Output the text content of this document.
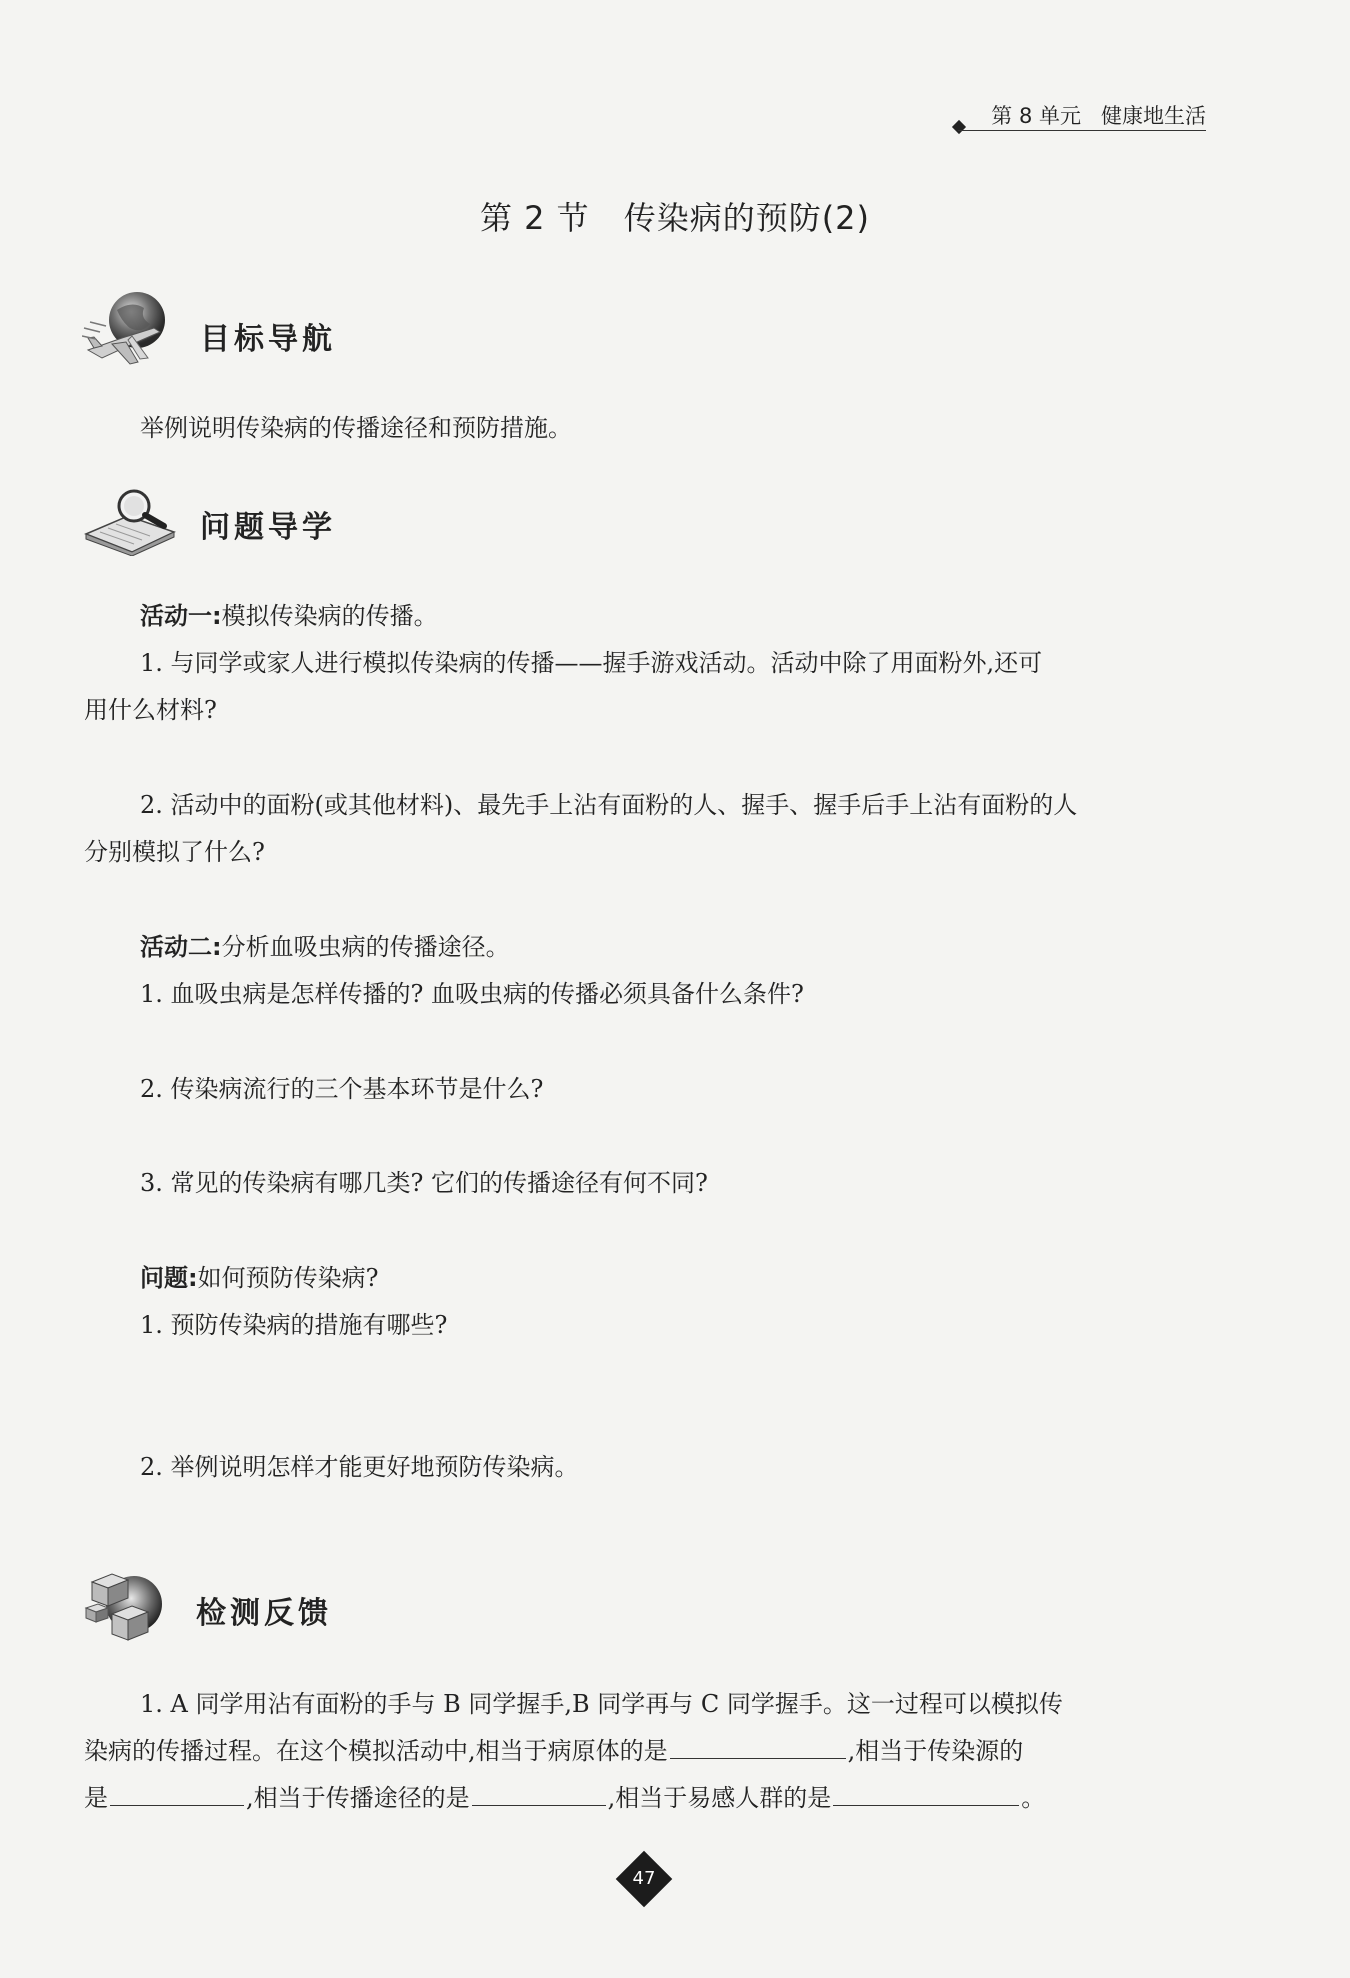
第 8 单元 健康地生活
第 2 节 传染病的预防(2)
目标导航
举例说明传染病的传播途径和预防措施。
问题导学
活动一:模拟传染病的传播。
1. 与同学或家人进行模拟传染病的传播——握手游戏活动。活动中除了用面粉外,还可
用什么材料?
2. 活动中的面粉(或其他材料)、最先手上沾有面粉的人、握手、握手后手上沾有面粉的人
分别模拟了什么?
活动二:分析血吸虫病的传播途径。
1. 血吸虫病是怎样传播的? 血吸虫病的传播必须具备什么条件?
2. 传染病流行的三个基本环节是什么?
3. 常见的传染病有哪几类? 它们的传播途径有何不同?
问题:如何预防传染病?
1. 预防传染病的措施有哪些?
2. 举例说明怎样才能更好地预防传染病。
检测反馈
1. A 同学用沾有面粉的手与 B 同学握手,B 同学再与 C 同学握手。这一过程可以模拟传
染病的传播过程。在这个模拟活动中,相当于病原体的是	,相当于传染源的
是	,相当于传播途径的是	,相当于易感人群的是	。
47
